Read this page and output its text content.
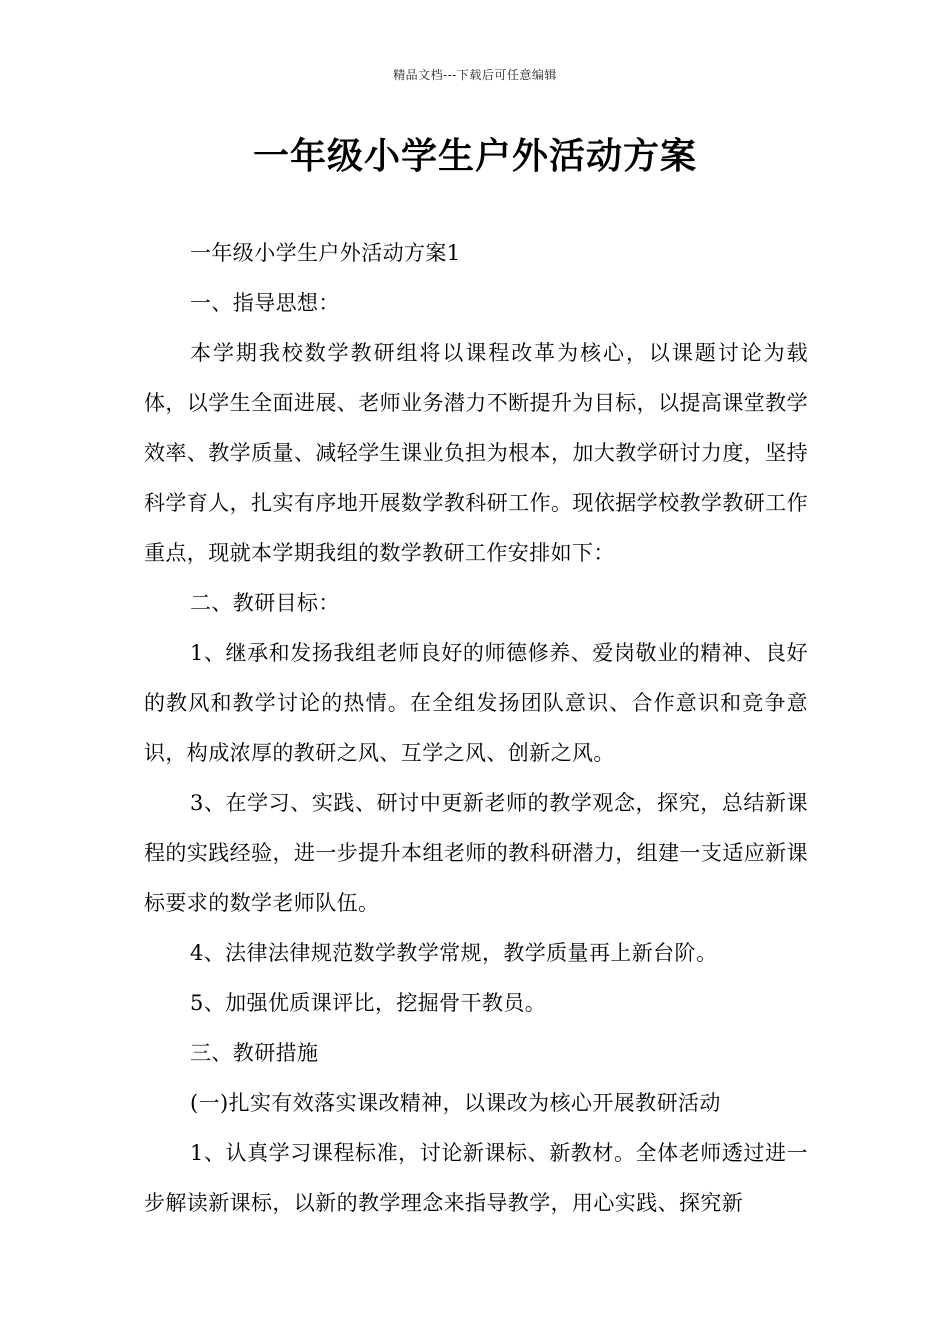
精品文档---下载后可任意编辑
一年级小学生户外活动方案

一年级小学生户外活动方案1

一、指导思想：

本学期我校数学教研组将以课程改革为核心，以课题讨论为载体，以学生全面进展、老师业务潜力不断提升为目标，以提高课堂教学效率、教学质量、减轻学生课业负担为根本，加大教学研讨力度，坚持科学育人，扎实有序地开展数学教科研工作。现依据学校教学教研工作重点，现就本学期我组的数学教研工作安排如下：

二、教研目标：

1、继承和发扬我组老师良好的师德修养、爱岗敬业的精神、良好的教风和教学讨论的热情。在全组发扬团队意识、合作意识和竞争意识，构成浓厚的教研之风、互学之风、创新之风。

3、在学习、实践、研讨中更新老师的教学观念，探究，总结新课程的实践经验，进一步提升本组老师的教科研潜力，组建一支适应新课标要求的数学老师队伍。

4、法律法律规范数学教学常规，教学质量再上新台阶。

5、加强优质课评比，挖掘骨干教员。

三、教研措施

(一)扎实有效落实课改精神，以课改为核心开展教研活动

1、认真学习课程标准，讨论新课标、新教材。全体老师透过进一步解读新课标，以新的教学理念来指导教学，用心实践、探究新
